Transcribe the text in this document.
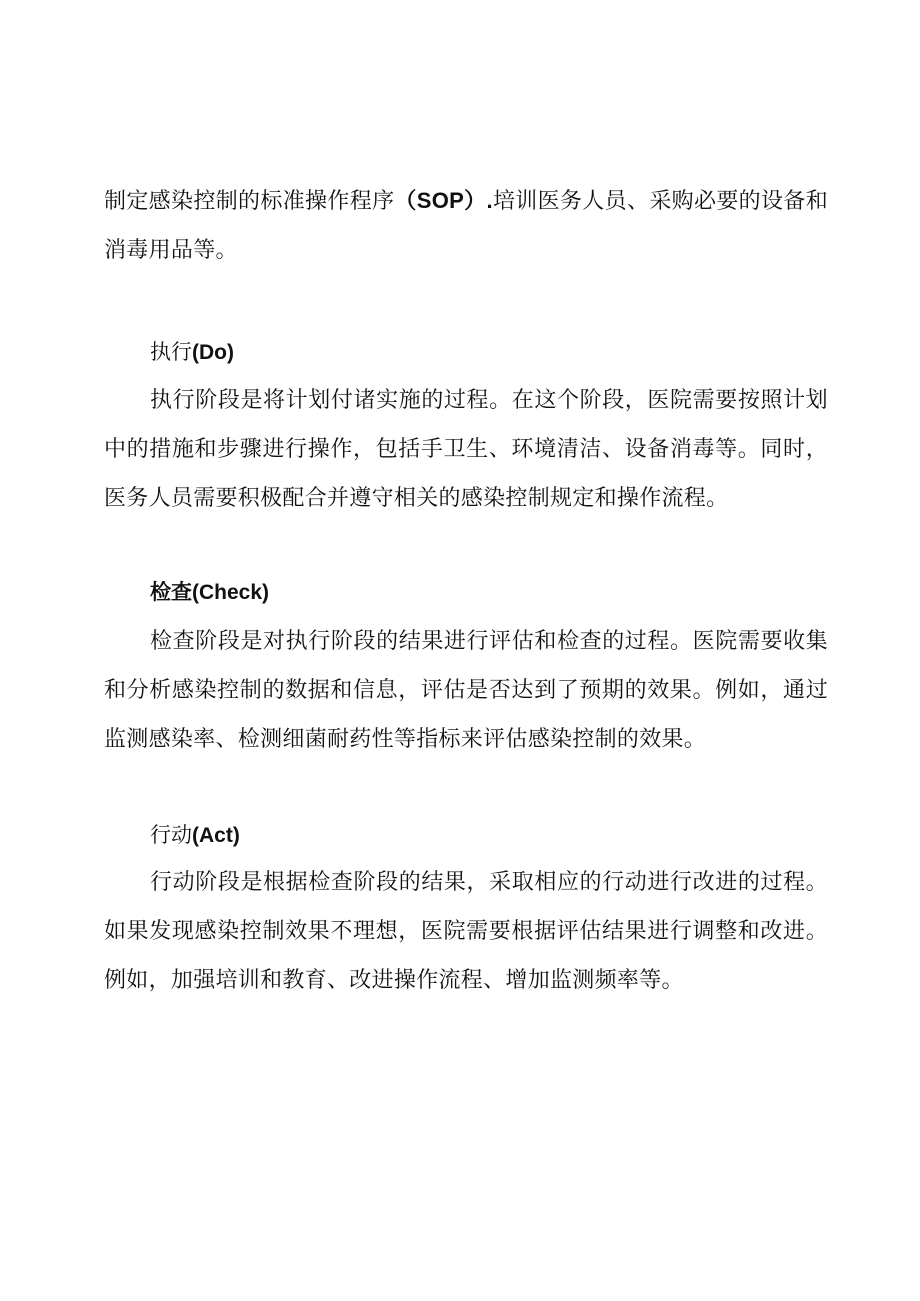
制定感染控制的标准操作程序（SOP）.培训医务人员、采购必要的设备和消毒用品等。

执行(Do)

执行阶段是将计划付诸实施的过程。在这个阶段，医院需要按照计划中的措施和步骤进行操作，包括手卫生、环境清洁、设备消毒等。同时，医务人员需要积极配合并遵守相关的感染控制规定和操作流程。

检查(Check)

检查阶段是对执行阶段的结果进行评估和检查的过程。医院需要收集和分析感染控制的数据和信息，评估是否达到了预期的效果。例如，通过监测感染率、检测细菌耐药性等指标来评估感染控制的效果。

行动(Act)

行动阶段是根据检查阶段的结果，采取相应的行动进行改进的过程。如果发现感染控制效果不理想，医院需要根据评估结果进行调整和改进。例如，加强培训和教育、改进操作流程、增加监测频率等。
